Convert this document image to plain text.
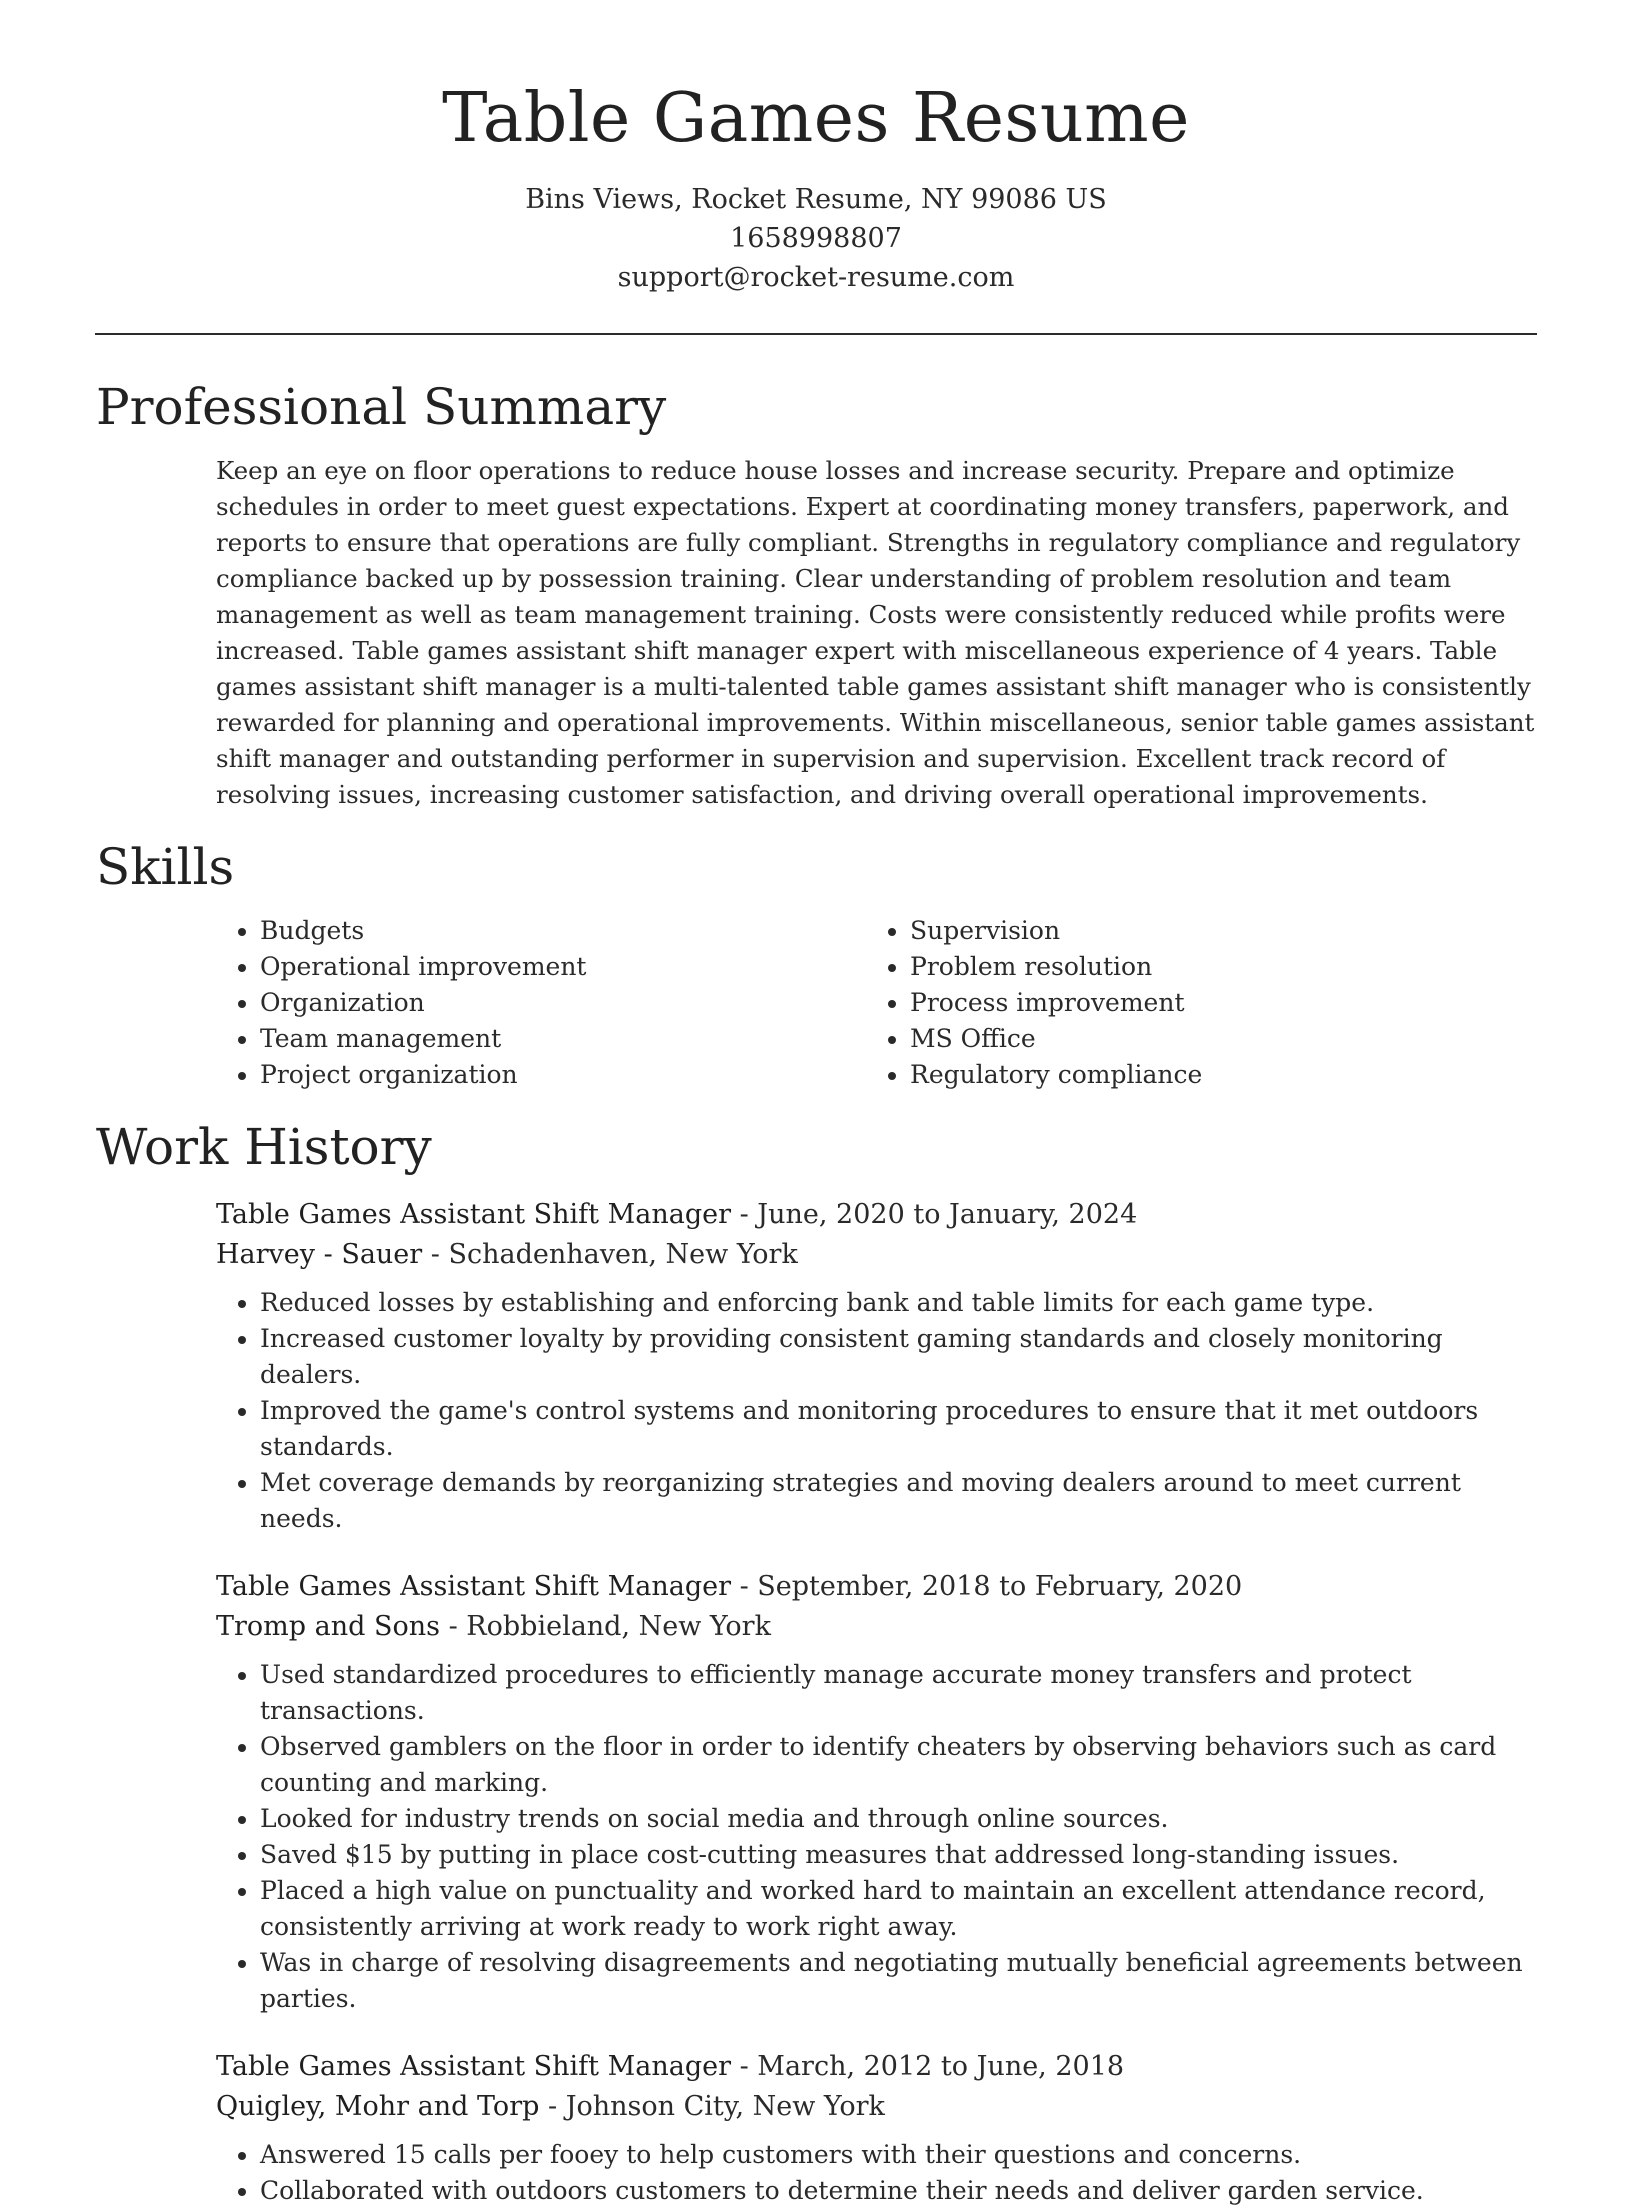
Table Games Resume
Bins Views, Rocket Resume, NY 99086 US
1658998807
support@rocket-resume.com
Professional Summary

Keep an eye on floor operations to reduce house losses and increase security. Prepare and optimize schedules in order to meet guest expectations. Expert at coordinating money transfers, paperwork, and reports to ensure that operations are fully compliant. Strengths in regulatory compliance and regulatory compliance backed up by possession training. Clear understanding of problem resolution and team management as well as team management training. Costs were consistently reduced while profits were increased. Table games assistant shift manager expert with miscellaneous experience of 4 years. Table games assistant shift manager is a multi-talented table games assistant shift manager who is consistently rewarded for planning and operational improvements. Within miscellaneous, senior table games assistant shift manager and outstanding performer in supervision and supervision. Excellent track record of resolving issues, increasing customer satisfaction, and driving overall operational improvements.

Skills
• Budgets
• Operational improvement
• Organization
• Team management
• Project organization
• Supervision
• Problem resolution
• Process improvement
• MS Office
• Regulatory compliance
Work History
Table Games Assistant Shift Manager - June, 2020 to January, 2024
Harvey - Sauer - Schadenhaven, New York
• Reduced losses by establishing and enforcing bank and table limits for each game type.
• Increased customer loyalty by providing consistent gaming standards and closely monitoring dealers.
• Improved the game's control systems and monitoring procedures to ensure that it met outdoors standards.
• Met coverage demands by reorganizing strategies and moving dealers around to meet current needs.
Table Games Assistant Shift Manager - September, 2018 to February, 2020
Tromp and Sons - Robbieland, New York
• Used standardized procedures to efficiently manage accurate money transfers and protect transactions.
• Observed gamblers on the floor in order to identify cheaters by observing behaviors such as card counting and marking.
• Looked for industry trends on social media and through online sources.
• Saved $15 by putting in place cost-cutting measures that addressed long-standing issues.
• Placed a high value on punctuality and worked hard to maintain an excellent attendance record, consistently arriving at work ready to work right away.
• Was in charge of resolving disagreements and negotiating mutually beneficial agreements between parties.
Table Games Assistant Shift Manager - March, 2012 to June, 2018
Quigley, Mohr and Torp - Johnson City, New York
• Answered 15 calls per fooey to help customers with their questions and concerns.
• Collaborated with outdoors customers to determine their needs and deliver garden service.
